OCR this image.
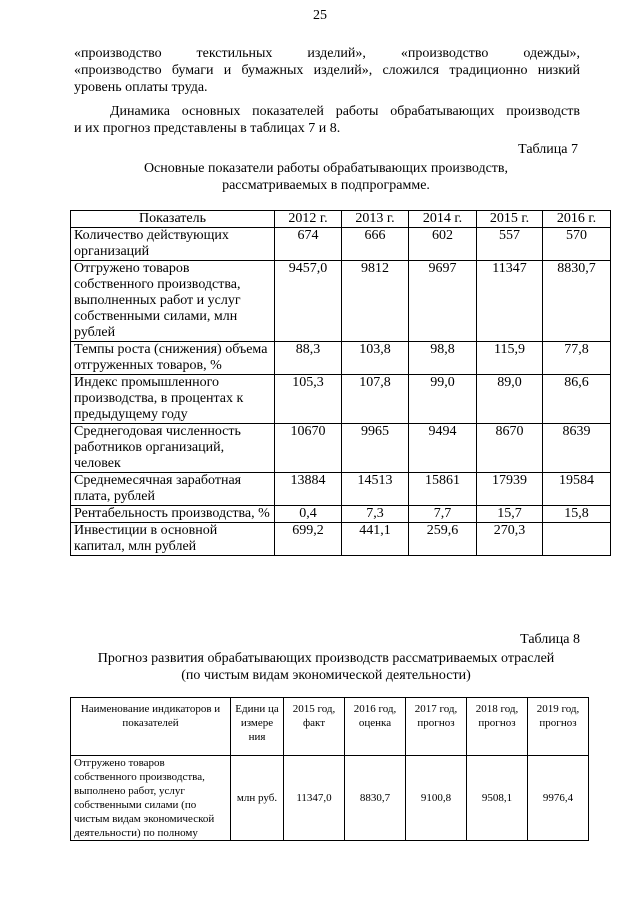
25
«производство текстильных изделий», «производство одежды»,
«производство бумаги и бумажных изделий», сложился традиционно низкий
уровень оплаты труда.
Динамика основных показателей работы обрабатывающих производств
и их прогноз представлены в таблицах 7 и 8.
Таблица 7
Основные показатели работы обрабатывающих производств,
рассматриваемых в подпрограмме.
Показатель	2012 г.	2013 г.	2014 г.	2015 г.	2016 г.
Количество действующих организаций	674	666	602	557	570
Отгружено товаров собственного производства, выполненных работ и услуг собственными силами, млн рублей	9457,0	9812	9697	11347	8830,7
Темпы роста (снижения) объема отгруженных товаров, %	88,3	103,8	98,8	115,9	77,8
Индекс промышленного производства, в процентах к предыдущему году	105,3	107,8	99,0	89,0	86,6
Среднегодовая численность работников организаций, человек	10670	9965	9494	8670	8639
Среднемесячная заработная плата, рублей	13884	14513	15861	17939	19584
Рентабельность производства, %	0,4	7,3	7,7	15,7	15,8
Инвестиции в основной капитал, млн рублей	699,2	441,1	259,6	270,3	
Таблица 8
Прогноз развития обрабатывающих производств рассматриваемых отраслей
(по чистым видам экономической деятельности)
Наименование индикаторов и показателей	Едини ца измере ния	2015 год, факт	2016 год, оценка	2017 год, прогноз	2018 год, прогноз	2019 год, прогноз
Отгружено товаров собственного производства, выполнено работ, услуг собственными силами (по чистым видам экономической деятельности) по полному	млн руб.	11347,0	8830,7	9100,8	9508,1	9976,4
